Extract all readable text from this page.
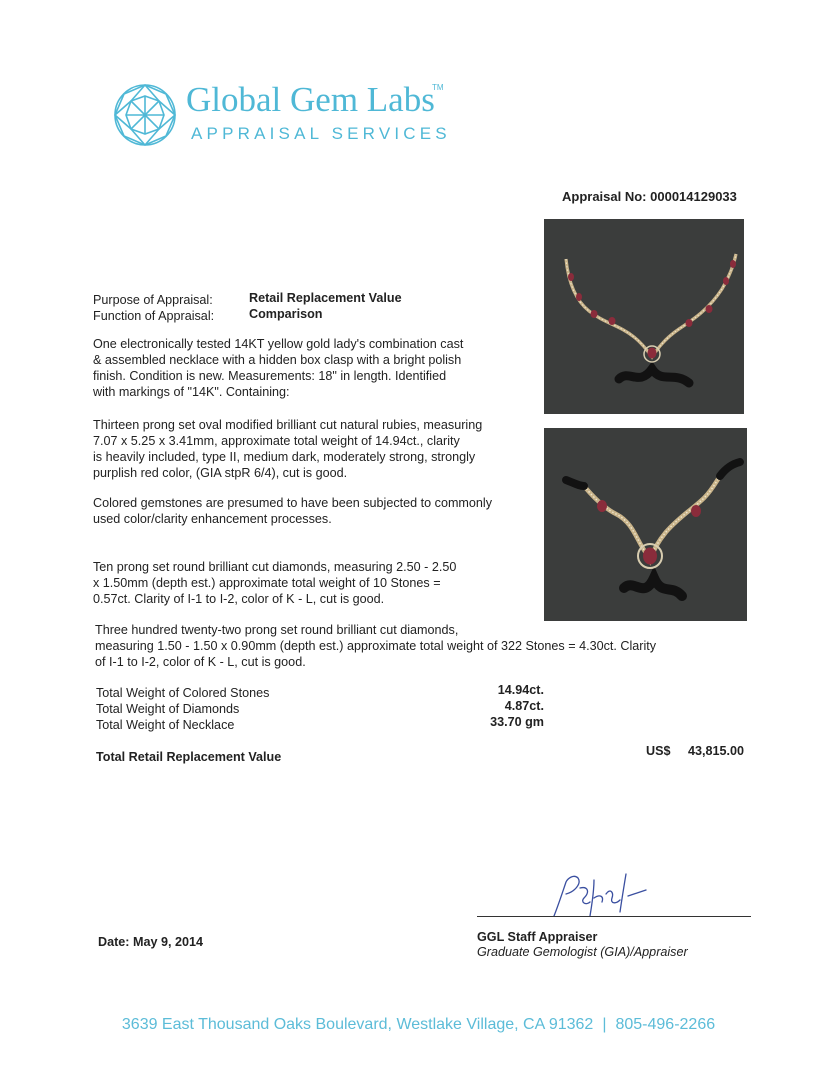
Global Gem Labs
TM
APPRAISAL SERVICES
Appraisal No: 000014129033
Purpose of Appraisal:	Retail Replacement Value
Function of Appraisal:	Comparison
One electronically tested 14KT yellow gold lady's combination cast
& assembled necklace with a hidden box clasp with a bright polish
finish. Condition is new. Measurements: 18" in length. Identified
with markings of "14K". Containing:
Thirteen prong set oval modified brilliant cut natural rubies, measuring
7.07 x 5.25 x 3.41mm, approximate total weight of 14.94ct., clarity
is heavily included, type II, medium dark, moderately strong, strongly
purplish red color, (GIA stpR 6/4), cut is good.
Colored gemstones are presumed to have been subjected to commonly
used color/clarity enhancement processes.
Ten prong set round brilliant cut diamonds, measuring 2.50 - 2.50
x 1.50mm (depth est.) approximate total weight of 10 Stones =
0.57ct. Clarity of I-1 to I-2, color of K - L, cut is good.
Three hundred twenty-two prong set round brilliant cut diamonds,
measuring 1.50 - 1.50 x 0.90mm (depth est.) approximate total weight of 322 Stones = 4.30ct. Clarity
of I-1 to I-2, color of K - L, cut is good.
Total Weight of Colored Stones	14.94ct.
Total Weight of Diamonds	4.87ct.
Total Weight of Necklace	33.70 gm
Total Retail Replacement Value	US$ 43,815.00
GGL Staff Appraiser
Graduate Gemologist (GIA)/Appraiser
Date: May 9, 2014
3639 East Thousand Oaks Boulevard, Westlake Village, CA 91362 | 805-496-2266
